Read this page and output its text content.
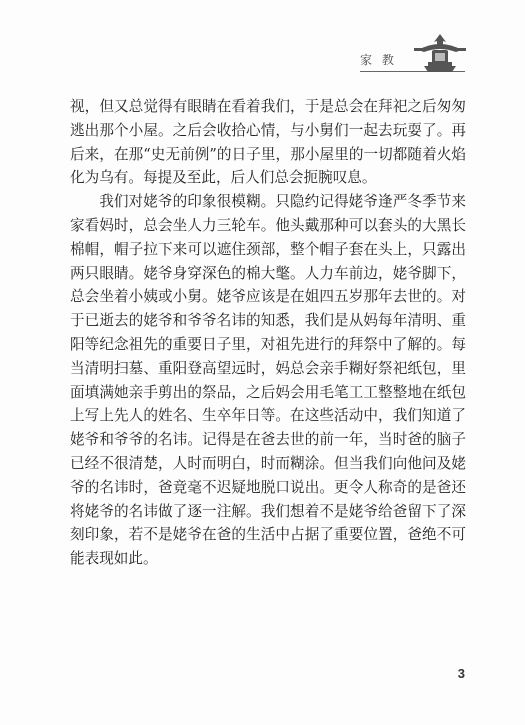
家 教

视，但又总觉得有眼睛在看着我们，于是总会在拜祀之后匆匆逃出那个小屋。之后会收拾心情，与小舅们一起去玩耍了。再后来，在那“史无前例”的日子里，那小屋里的一切都随着火焰化为乌有。每提及至此，后人们总会扼腕叹息。

我们对姥爷的印象很模糊。只隐约记得姥爷逢严冬季节来家看妈时，总会坐人力三轮车。他头戴那种可以套头的大黑长棉帽，帽子拉下来可以遮住颈部，整个帽子套在头上，只露出两只眼睛。姥爷身穿深色的棉大氅。人力车前边，姥爷脚下，总会坐着小姨或小舅。姥爷应该是在姐四五岁那年去世的。对于已逝去的姥爷和爷爷名讳的知悉，我们是从妈每年清明、重阳等纪念祖先的重要日子里，对祖先进行的拜祭中了解的。每当清明扫墓、重阳登高望远时，妈总会亲手糊好祭祀纸包，里面填满她亲手剪出的祭品，之后妈会用毛笔工工整整地在纸包上写上先人的姓名、生卒年日等。在这些活动中，我们知道了姥爷和爷爷的名讳。记得是在爸去世的前一年，当时爸的脑子已经不很清楚，人时而明白，时而糊涂。但当我们向他问及姥爷的名讳时，爸竟毫不迟疑地脱口说出。更令人称奇的是爸还将姥爷的名讳做了逐一注解。我们想着不是姥爷给爸留下了深刻印象，若不是姥爷在爸的生活中占据了重要位置，爸绝不可能表现如此。

3
